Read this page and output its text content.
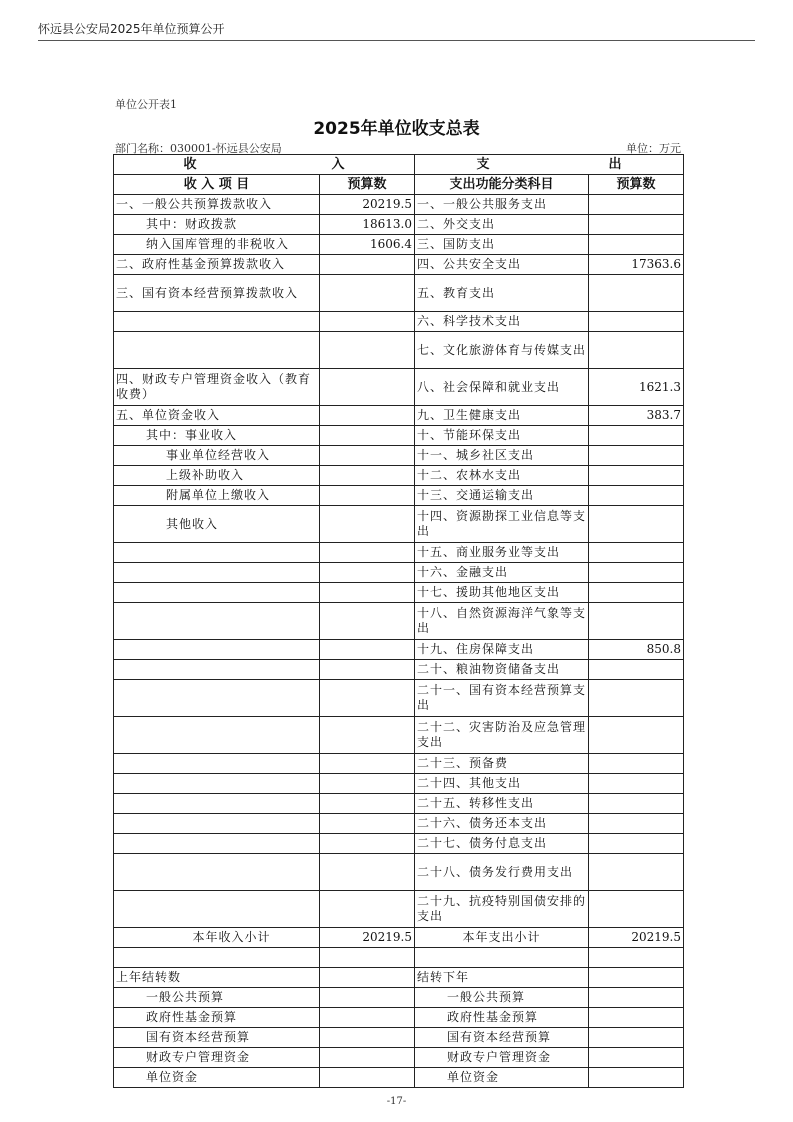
怀远县公安局2025年单位预算公开
单位公开表1
2025年单位收支总表
部门名称：030001-怀远县公安局	单位：万元
收 入		支 出	

收 入 项 目	预算数	支出功能分类科目	预算数
一、一般公共预算拨款收入	20219.5	一、一般公共服务支出	
其中：财政拨款	18613.0	二、外交支出	
纳入国库管理的非税收入	1606.4	三、国防支出	
二、政府性基金预算拨款收入		四、公共安全支出	17363.6
三、国有资本经营预算拨款收入		五、教育支出	
		六、科学技术支出	
		七、文化旅游体育与传媒支出	
四、财政专户管理资金收入（教育收费）		八、社会保障和就业支出	1621.3
五、单位资金收入		九、卫生健康支出	383.7
其中：事业收入		十、节能环保支出	
事业单位经营收入		十一、城乡社区支出	
上级补助收入		十二、农林水支出	
附属单位上缴收入		十三、交通运输支出	
其他收入		十四、资源勘探工业信息等支出	
		十五、商业服务业等支出	
		十六、金融支出	
		十七、援助其他地区支出	
		十八、自然资源海洋气象等支出	
		十九、住房保障支出	850.8
		二十、粮油物资储备支出	
		二十一、国有资本经营预算支出	
		二十二、灾害防治及应急管理支出	
		二十三、预备费	
		二十四、其他支出	
		二十五、转移性支出	
		二十六、债务还本支出	
		二十七、债务付息支出	
		二十八、债务发行费用支出	
		二十九、抗疫特别国债安排的支出	
本年收入小计	20219.5	本年支出小计	20219.5

上年结转数		结转下年	
一般公共预算		一般公共预算	
政府性基金预算		政府性基金预算	
国有资本经营预算		国有资本经营预算	
财政专户管理资金		财政专户管理资金	
单位资金		单位资金	
-17-
